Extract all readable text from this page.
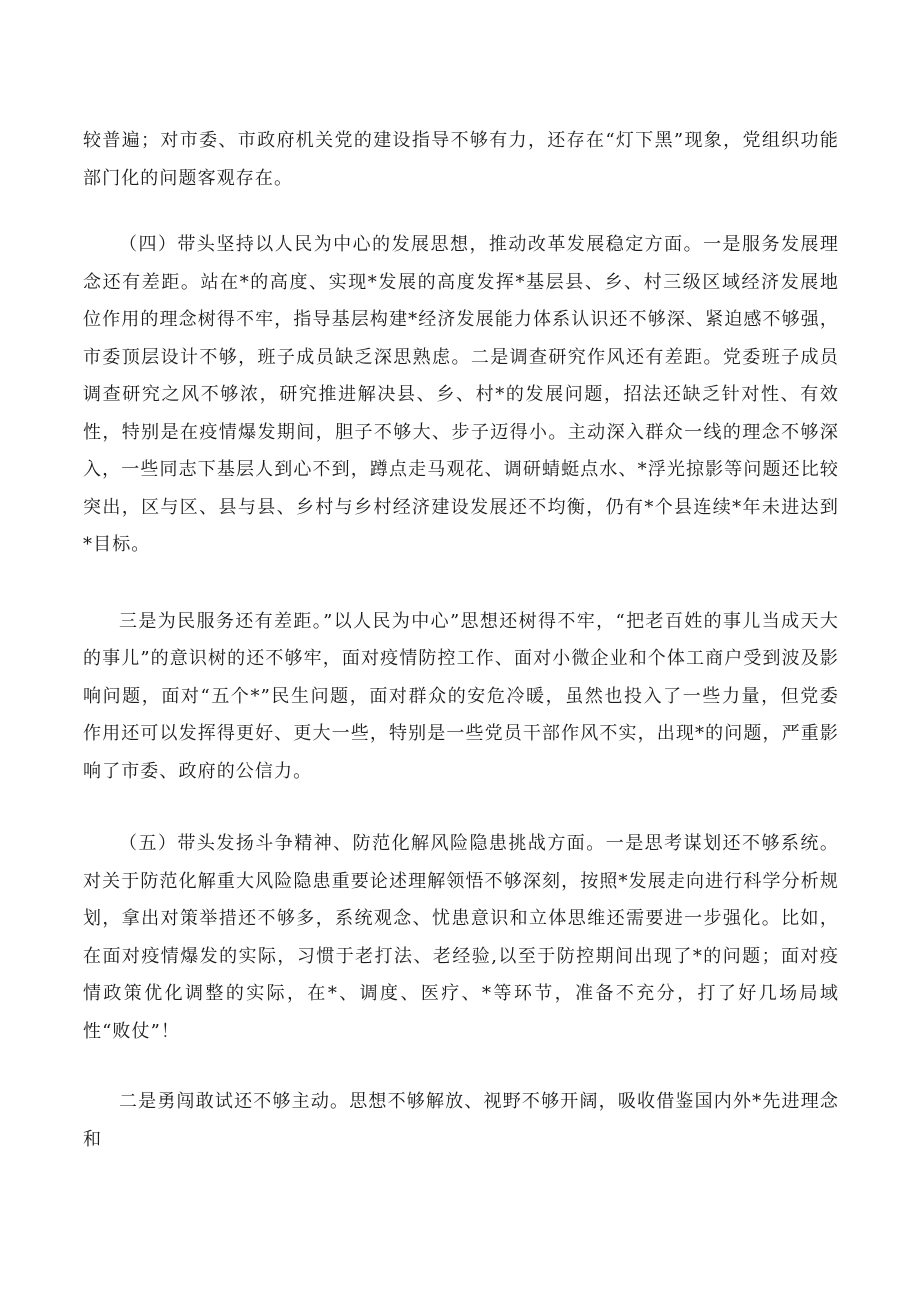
较普遍；对市委、市政府机关党的建设指导不够有力，还存在“灯下黑”现象，党组织功能部门化的问题客观存在。

（四）带头坚持以人民为中心的发展思想，推动改革发展稳定方面。一是服务发展理念还有差距。站在*的高度、实现*发展的高度发挥*基层县、乡、村三级区域经济发展地位作用的理念树得不牢，指导基层构建*经济发展能力体系认识还不够深、紧迫感不够强，市委顶层设计不够，班子成员缺乏深思熟虑。二是调查研究作风还有差距。党委班子成员调查研究之风不够浓，研究推进解决县、乡、村*的发展问题，招法还缺乏针对性、有效性，特别是在疫情爆发期间，胆子不够大、步子迈得小。主动深入群众一线的理念不够深入，一些同志下基层人到心不到，蹲点走马观花、调研蜻蜓点水、*浮光掠影等问题还比较突出，区与区、县与县、乡村与乡村经济建设发展还不均衡，仍有*个县连续*年未进达到*目标。

三是为民服务还有差距。”以人民为中心”思想还树得不牢，“把老百姓的事儿当成天大的事儿”的意识树的还不够牢，面对疫情防控工作、面对小微企业和个体工商户受到波及影响问题，面对“五个*”民生问题，面对群众的安危冷暖，虽然也投入了一些力量，但党委作用还可以发挥得更好、更大一些，特别是一些党员干部作风不实，出现*的问题，严重影响了市委、政府的公信力。

（五）带头发扬斗争精神、防范化解风险隐患挑战方面。一是思考谋划还不够系统。对关于防范化解重大风险隐患重要论述理解领悟不够深刻，按照*发展走向进行科学分析规划，拿出对策举措还不够多，系统观念、忧患意识和立体思维还需要进一步强化。比如，在面对疫情爆发的实际，习惯于老打法、老经验,以至于防控期间出现了*的问题；面对疫情政策优化调整的实际，在*、调度、医疗、*等环节，准备不充分，打了好几场局域性“败仗”！

二是勇闯敢试还不够主动。思想不够解放、视野不够开阔，吸收借鉴国内外*先进理念和
